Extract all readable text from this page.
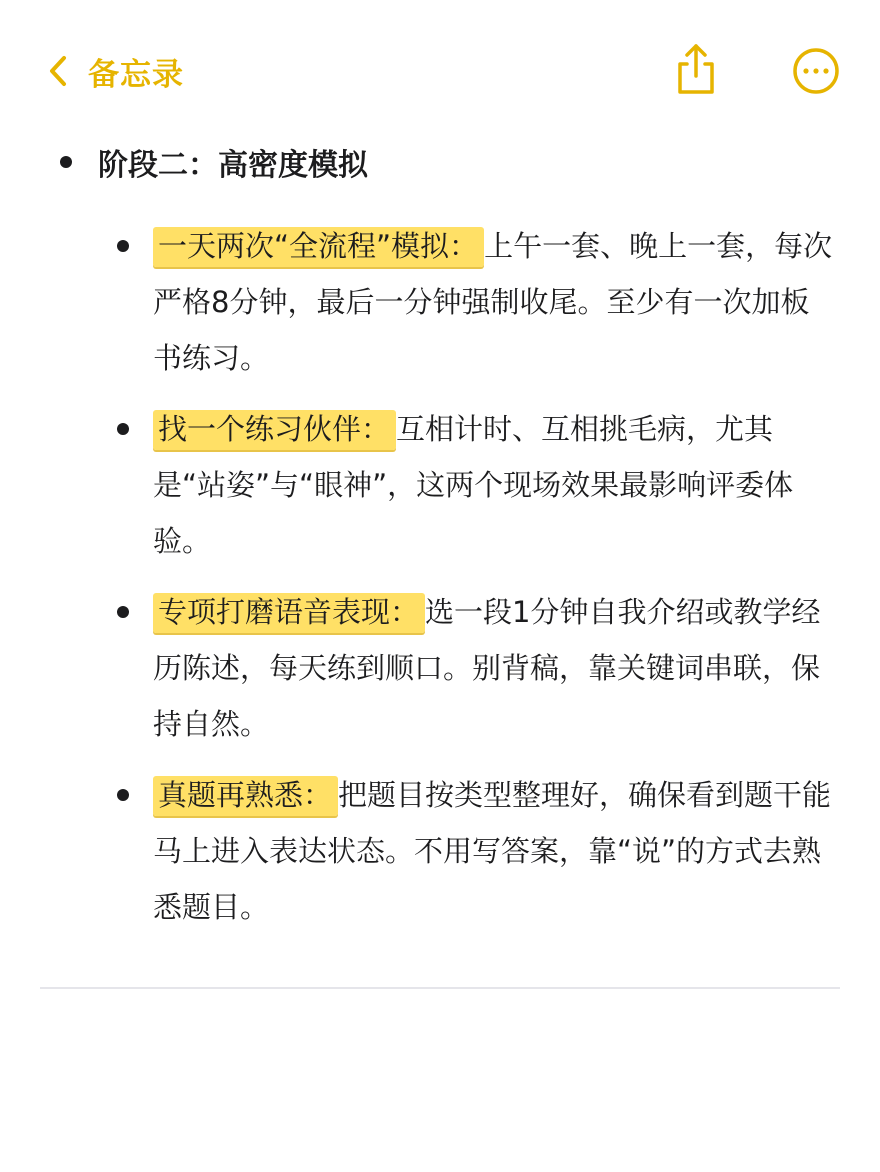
备忘录
阶段二：高密度模拟
一天两次“全流程”模拟： 上午一套、晚上一套，每次严格8分钟，最后一分钟强制收尾。至少有一次加板书练习。
找一个练习伙伴： 互相计时、互相挑毛病，尤其是“站姿”与“眼神”，这两个现场效果最影响评委体验。
专项打磨语音表现： 选一段1分钟自我介绍或教学经历陈述，每天练到顺口。别背稿，靠关键词串联，保持自然。
真题再熟悉： 把题目按类型整理好，确保看到题干能马上进入表达状态。不用写答案，靠“说”的方式去熟悉题目。
